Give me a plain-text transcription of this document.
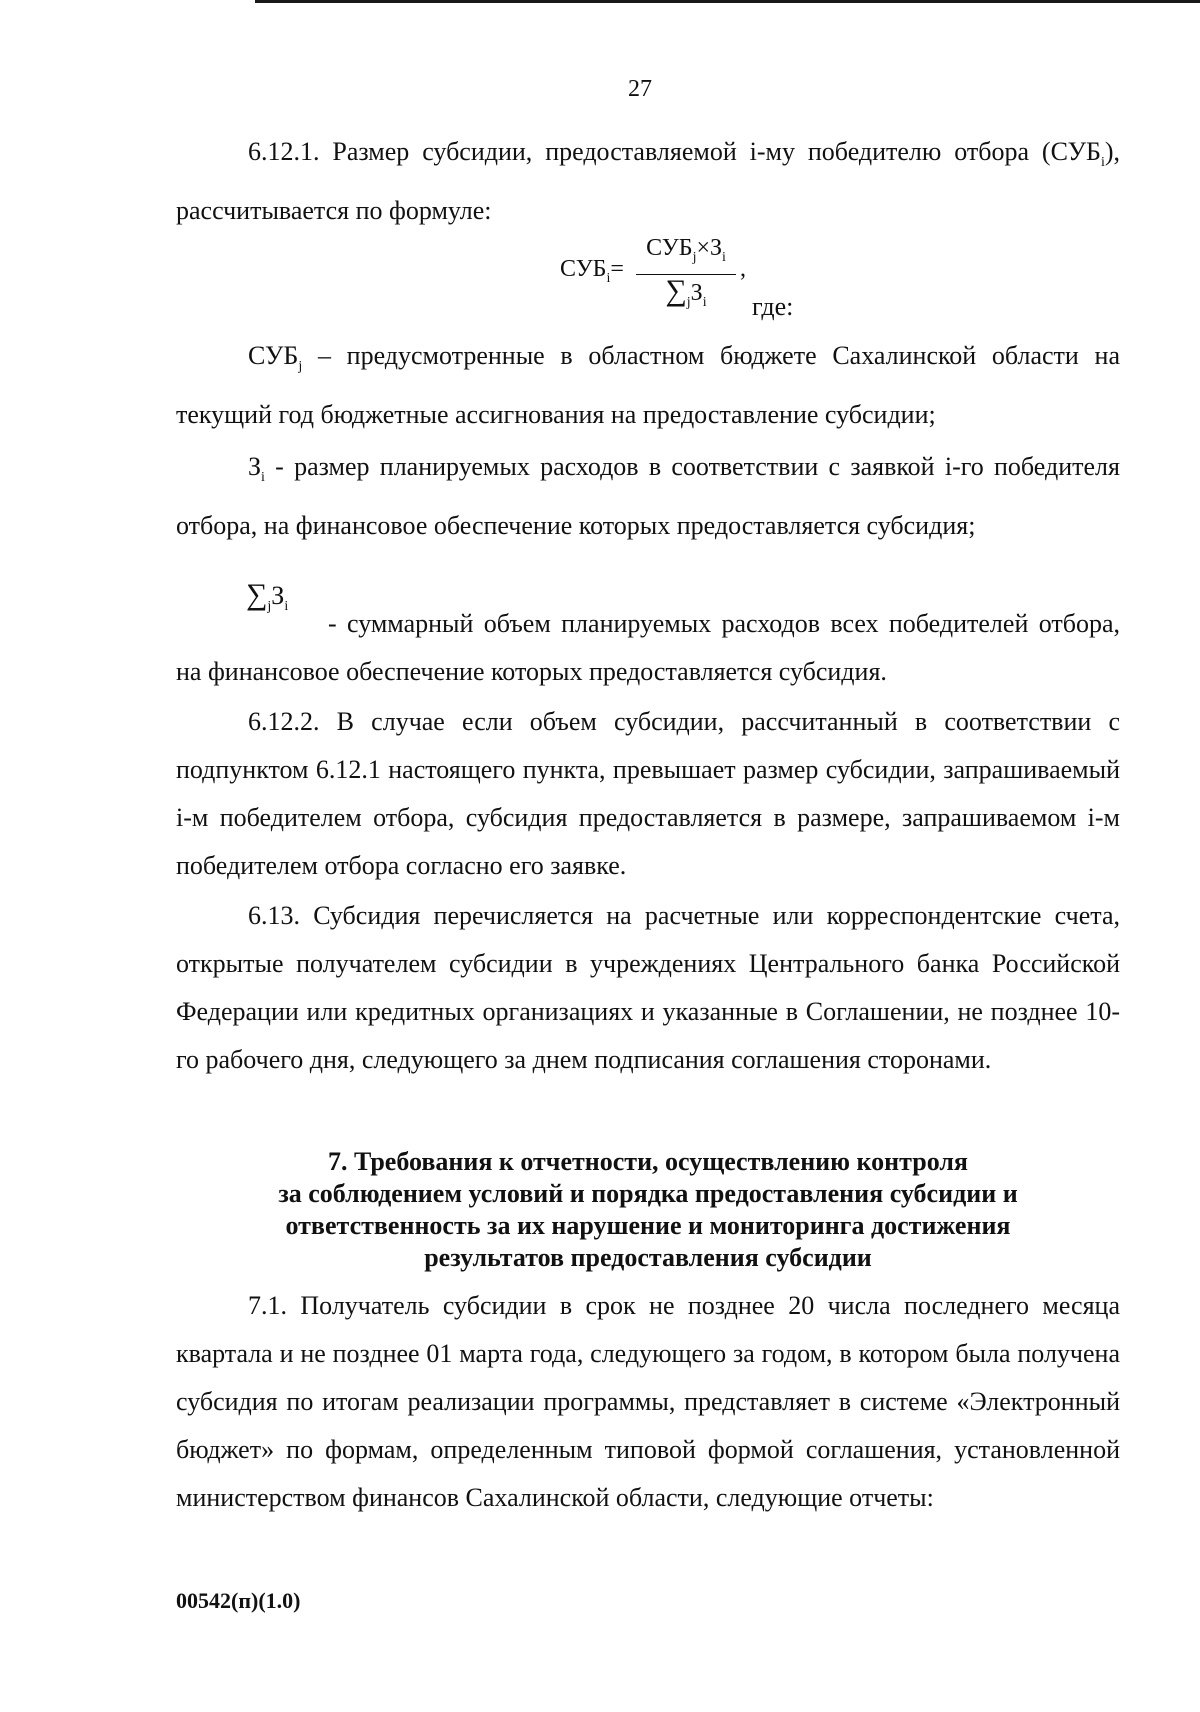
27

6.12.1. Размер субсидии, предоставляемой i-му победителю отбора $(СУБ_i)$, рассчитывается по формуле:

$СУБ_i=$
$СУБ_j\times З_i$
$\sum_jЗ_i$
,
где:

$СУБ_j$ – предусмотренные в областном бюджете Сахалинской области на текущий год бюджетные ассигнования на предоставление субсидии;

$З_i$ - размер планируемых расходов в соответствии с заявкой i-го победителя отбора, на финансовое обеспечение которых предоставляется субсидия;

$\sum_jЗ_i$

- суммарный объем планируемых расходов всех победителей отбора, на финансовое обеспечение которых предоставляется субсидия.

6.12.2. В случае если объем субсидии, рассчитанный в соответствии с подпунктом 6.12.1 настоящего пункта, превышает размер субсидии, запрашиваемый i-м победителем отбора, субсидия предоставляется в размере, запрашиваемом i-м победителем отбора согласно его заявке.

6.13. Субсидия перечисляется на расчетные или корреспондентские счета, открытые получателем субсидии в учреждениях Центрального банка Российской Федерации или кредитных организациях и указанные в Соглашении, не позднее 10-го рабочего дня, следующего за днем подписания соглашения сторонами.

7. Требования к отчетности, осуществлению контроля
за соблюдением условий и порядка предоставления субсидии и
ответственность за их нарушение и мониторинга достижения
результатов предоставления субсидии

7.1. Получатель субсидии в срок не позднее 20 числа последнего месяца квартала и не позднее 01 марта года, следующего за годом, в котором была получена субсидия по итогам реализации программы, представляет в системе «Электронный бюджет» по формам, определенным типовой формой соглашения, установленной министерством финансов Сахалинской области, следующие отчеты:

00542(п)(1.0)
